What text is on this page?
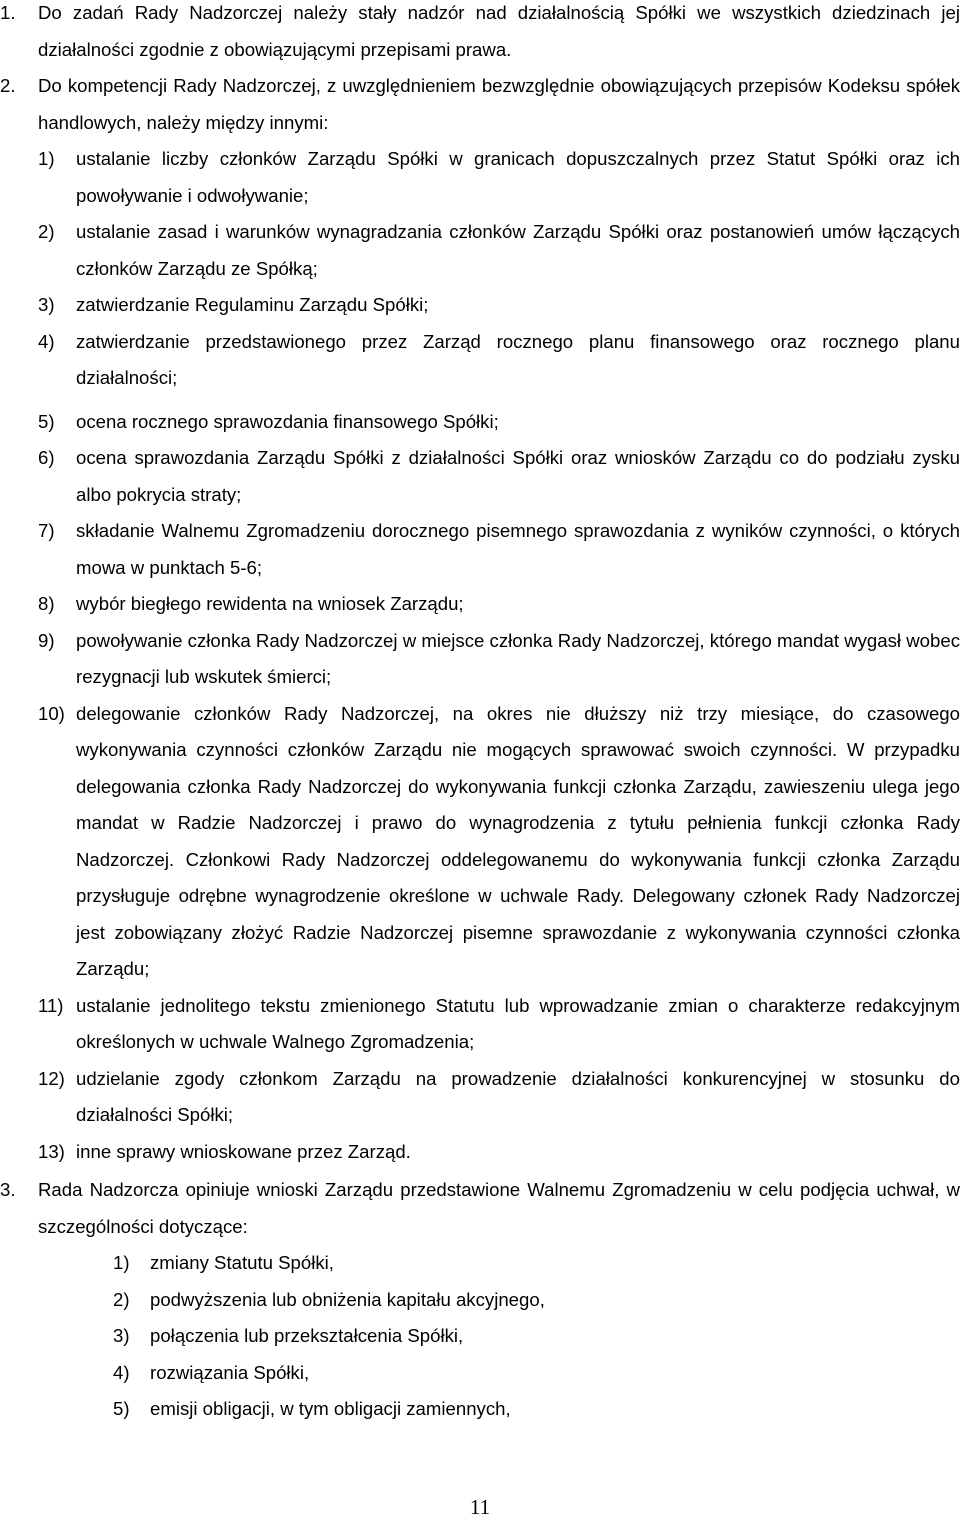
1. Do zadań Rady Nadzorczej należy stały nadzór nad działalnością Spółki we wszystkich dziedzinach jej działalności zgodnie z obowiązującymi przepisami prawa.
2. Do kompetencji Rady Nadzorczej, z uwzględnieniem bezwzględnie obowiązujących przepisów Kodeksu spółek handlowych, należy między innymi:
1) ustalanie liczby członków Zarządu Spółki w granicach dopuszczalnych przez Statut Spółki oraz ich powoływanie i odwoływanie;
2) ustalanie zasad i warunków wynagradzania członków Zarządu Spółki oraz postanowień umów łączących członków Zarządu ze Spółką;
3) zatwierdzanie Regulaminu Zarządu Spółki;
4) zatwierdzanie przedstawionego przez Zarząd rocznego planu finansowego oraz rocznego planu działalności;
5) ocena rocznego sprawozdania finansowego Spółki;
6) ocena sprawozdania Zarządu Spółki z działalności Spółki oraz wniosków Zarządu co do podziału zysku albo pokrycia straty;
7) składanie Walnemu Zgromadzeniu dorocznego pisemnego sprawozdania z wyników czynności, o których mowa w punktach 5-6;
8) wybór biegłego rewidenta na wniosek Zarządu;
9) powoływanie członka Rady Nadzorczej w miejsce członka Rady Nadzorczej, którego mandat wygasł wobec rezygnacji lub wskutek śmierci;
10) delegowanie członków Rady Nadzorczej, na okres nie dłuższy niż trzy miesiące, do czasowego wykonywania czynności członków Zarządu nie mogących sprawować swoich czynności. W przypadku delegowania członka Rady Nadzorczej do wykonywania funkcji członka Zarządu, zawieszeniu ulega jego mandat w Radzie Nadzorczej i prawo do wynagrodzenia z tytułu pełnienia funkcji członka Rady Nadzorczej. Członkowi Rady Nadzorczej oddelegowanemu do wykonywania funkcji członka Zarządu przysługuje odrębne wynagrodzenie określone w uchwale Rady. Delegowany członek Rady Nadzorczej jest zobowiązany złożyć Radzie Nadzorczej pisemne sprawozdanie z wykonywania czynności członka Zarządu;
11) ustalanie jednolitego tekstu zmienionego Statutu lub wprowadzanie zmian o charakterze redakcyjnym określonych w uchwale Walnego Zgromadzenia;
12) udzielanie zgody członkom Zarządu na prowadzenie działalności konkurencyjnej w stosunku do działalności Spółki;
13) inne sprawy wnioskowane przez Zarząd.
3. Rada Nadzorcza opiniuje wnioski Zarządu przedstawione Walnemu Zgromadzeniu w celu podjęcia uchwał, w szczególności dotyczące:
1) zmiany Statutu Spółki,
2) podwyższenia lub obniżenia kapitału akcyjnego,
3) połączenia lub przekształcenia Spółki,
4) rozwiązania Spółki,
5) emisji obligacji, w tym obligacji zamiennych,
11
